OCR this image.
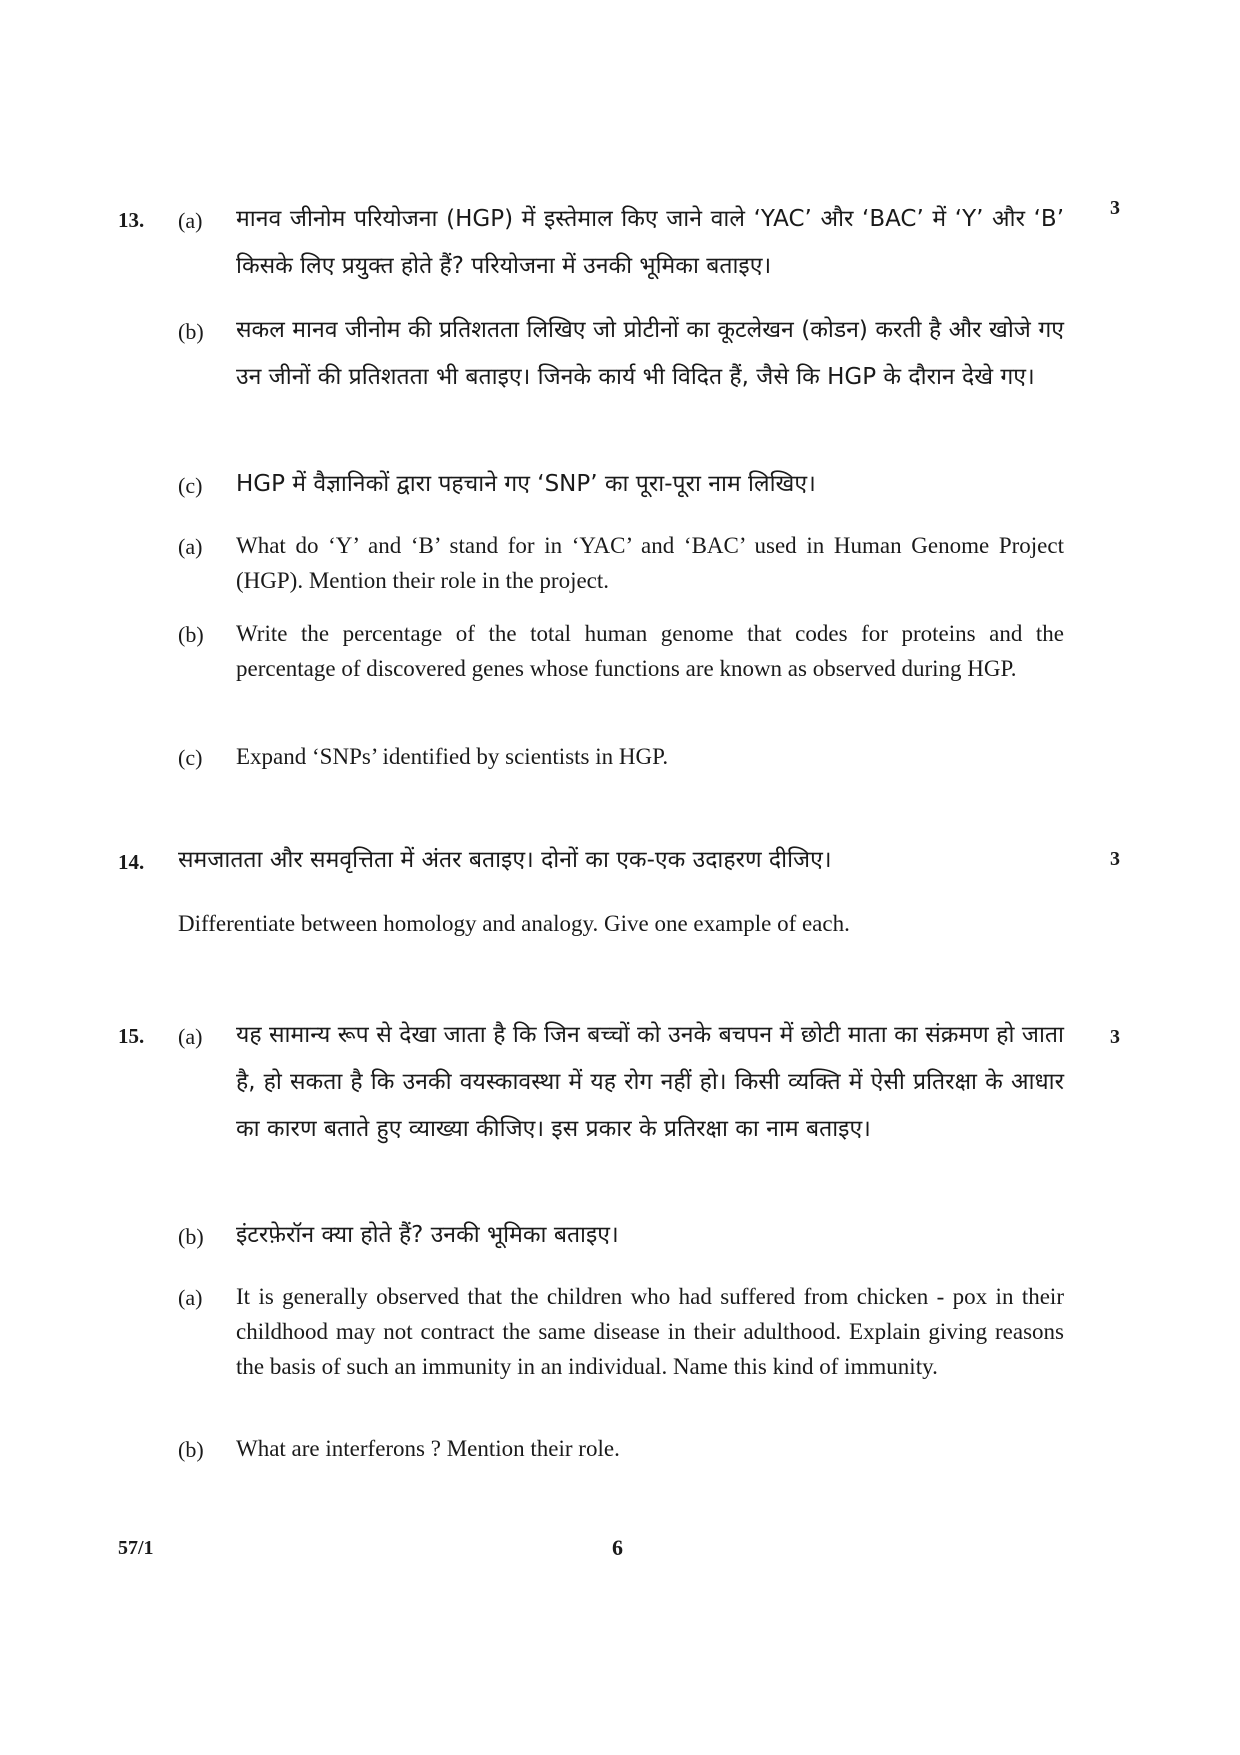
13.	3
(a)	मानव जीनोम परियोजना (HGP) में इस्तेमाल किए जाने वाले ‘YAC’ और ‘BAC’ में ‘Y’ और ‘B’ किसके लिए प्रयुक्त होते हैं? परियोजना में उनकी भूमिका बताइए।
(b) सकल मानव जीनोम की प्रतिशतता लिखिए जो प्रोटीनों का कूटलेखन (कोडन) करती है और खोजे गए उन जीनों की प्रतिशतता भी बताइए। जिनके कार्य भी विदित हैं, जैसे कि HGP के दौरान देखे गए।
(c)	HGP में वैज्ञानिकों द्वारा पहचाने गए ‘SNP’ का पूरा-पूरा नाम लिखिए।
(a)	What do ‘Y’ and ‘B’ stand for in ‘YAC’ and ‘BAC’ used in Human Genome Project (HGP). Mention their role in the project.
(b) Write the percentage of the total human genome that codes for proteins and the percentage of discovered genes whose functions are known as observed during HGP.
(c)	Expand ‘SNPs’ identified by scientists in HGP.
14.	3
समजातता और समवृत्तिता में अंतर बताइए। दोनों का एक-एक उदाहरण दीजिए।
Differentiate between homology and analogy. Give one example of each.
15.	3
(a)	यह सामान्य रूप से देखा जाता है कि जिन बच्चों को उनके बचपन में छोटी माता का संक्रमण हो जाता है, हो सकता है कि उनकी वयस्कावस्था में यह रोग नहीं हो। किसी व्यक्ति में ऐसी प्रतिरक्षा के आधार का कारण बताते हुए व्याख्या कीजिए। इस प्रकार के प्रतिरक्षा का नाम बताइए।
(b) इंटरफ़ेरॉन क्या होते हैं? उनकी भूमिका बताइए।
(a)	It is generally observed that the children who had suffered from chicken - pox in their childhood may not contract the same disease in their adulthood. Explain giving reasons the basis of such an immunity in an individual. Name this kind of immunity.
(b) What are interferons ? Mention their role.
57/1	6
